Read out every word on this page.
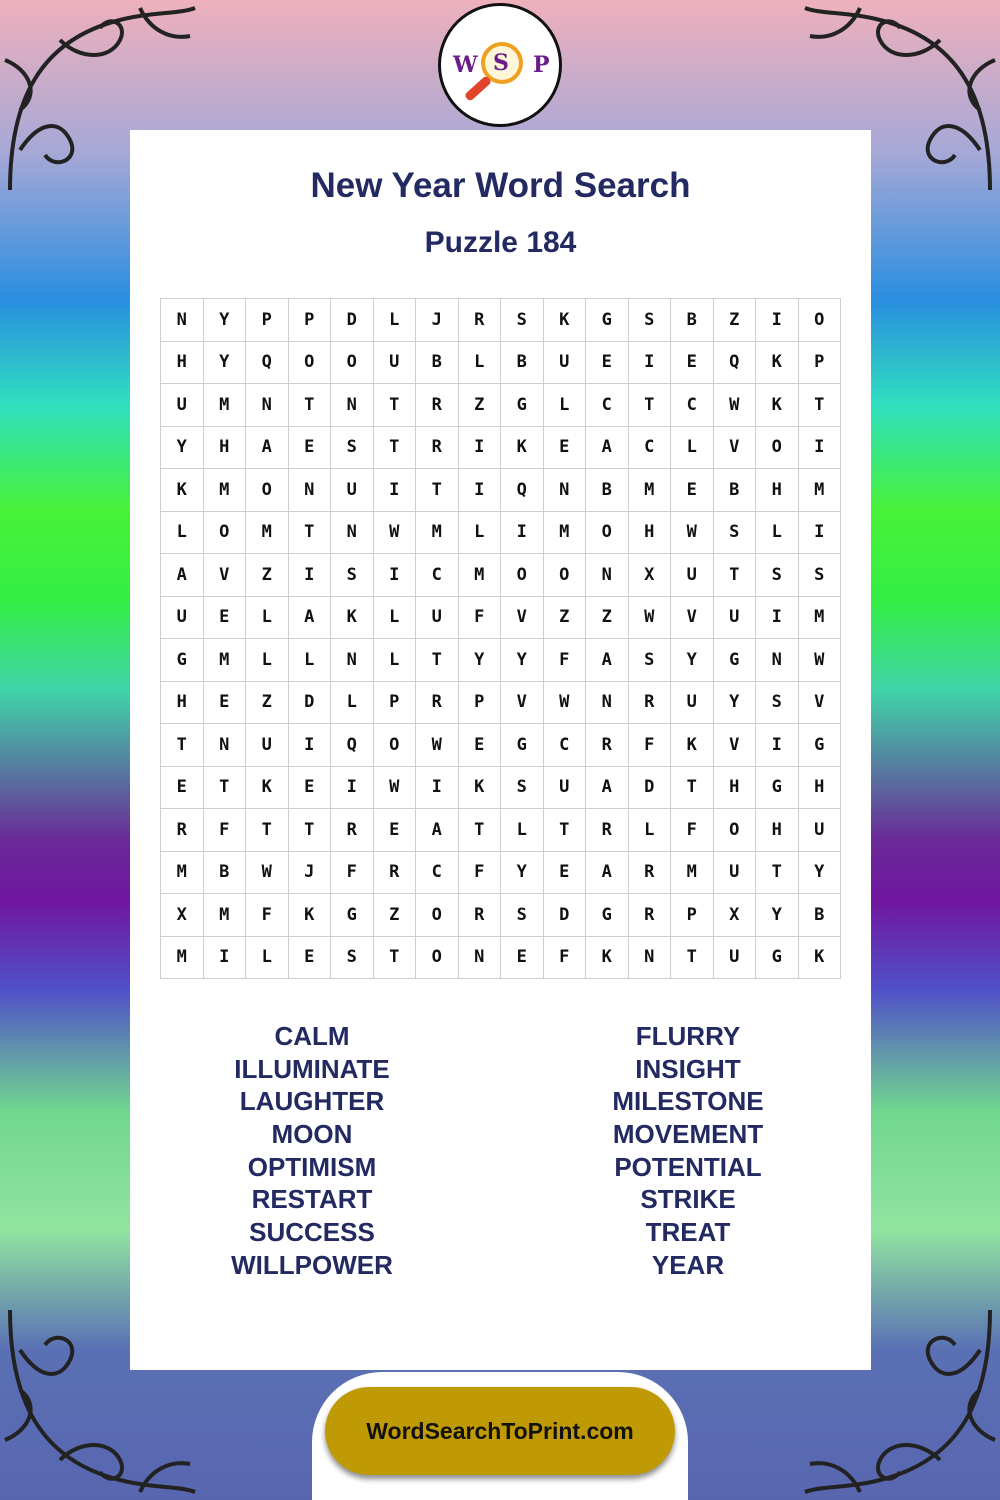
W S P
New Year Word Search
Puzzle 184
N	Y	P	P	D	L	J	R	S	K	G	S	B	Z	I	O
H	Y	Q	O	O	U	B	L	B	U	E	I	E	Q	K	P
U	M	N	T	N	T	R	Z	G	L	C	T	C	W	K	T
Y	H	A	E	S	T	R	I	K	E	A	C	L	V	O	I
K	M	O	N	U	I	T	I	Q	N	B	M	E	B	H	M
L	O	M	T	N	W	M	L	I	M	O	H	W	S	L	I
A	V	Z	I	S	I	C	M	O	O	N	X	U	T	S	S
U	E	L	A	K	L	U	F	V	Z	Z	W	V	U	I	M
G	M	L	L	N	L	T	Y	Y	F	A	S	Y	G	N	W
H	E	Z	D	L	P	R	P	V	W	N	R	U	Y	S	V
T	N	U	I	Q	O	W	E	G	C	R	F	K	V	I	G
E	T	K	E	I	W	I	K	S	U	A	D	T	H	G	H
R	F	T	T	R	E	A	T	L	T	R	L	F	O	H	U
M	B	W	J	F	R	C	F	Y	E	A	R	M	U	T	Y
X	M	F	K	G	Z	O	R	S	D	G	R	P	X	Y	B
M	I	L	E	S	T	O	N	E	F	K	N	T	U	G	K
CALM
ILLUMINATE
LAUGHTER
MOON
OPTIMISM
RESTART
SUCCESS
WILLPOWER
FLURRY
INSIGHT
MILESTONE
MOVEMENT
POTENTIAL
STRIKE
TREAT
YEAR
WordSearchToPrint.com
